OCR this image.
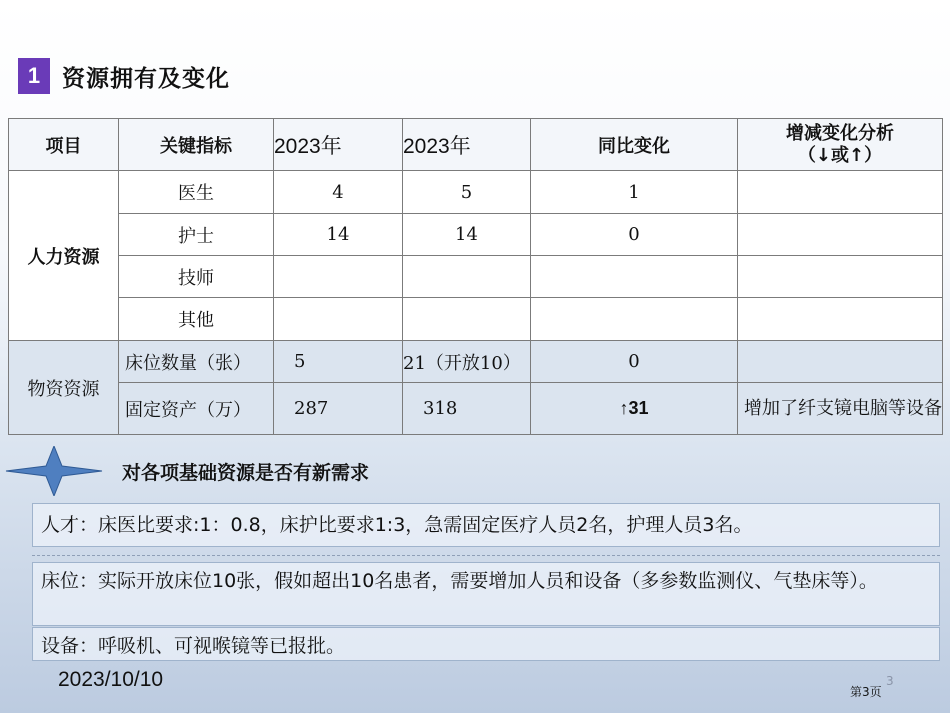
1 资源拥有及变化
项目	关键指标	2023年	2023年	同比变化	增减变化分析
（↓或↑）

人力资源	医生	4	5	1	
	护士	14	14	0	
	技师				
	其他				
物资资源	床位数量（张）	5	21（开放10）	0	
	固定资产（万）	287	318	↑31	增加了纤支镜电脑等设备
对各项基础资源是否有新需求
人才：床医比要求:1：0.8，床护比要求1:3，急需固定医疗人员2名，护理人员3名。
床位：实际开放床位10张，假如超出10名患者，需要增加人员和设备（多参数监测仪、气垫床等）。
设备：呼吸机、可视喉镜等已报批。
2023/10/10
第3页
3
